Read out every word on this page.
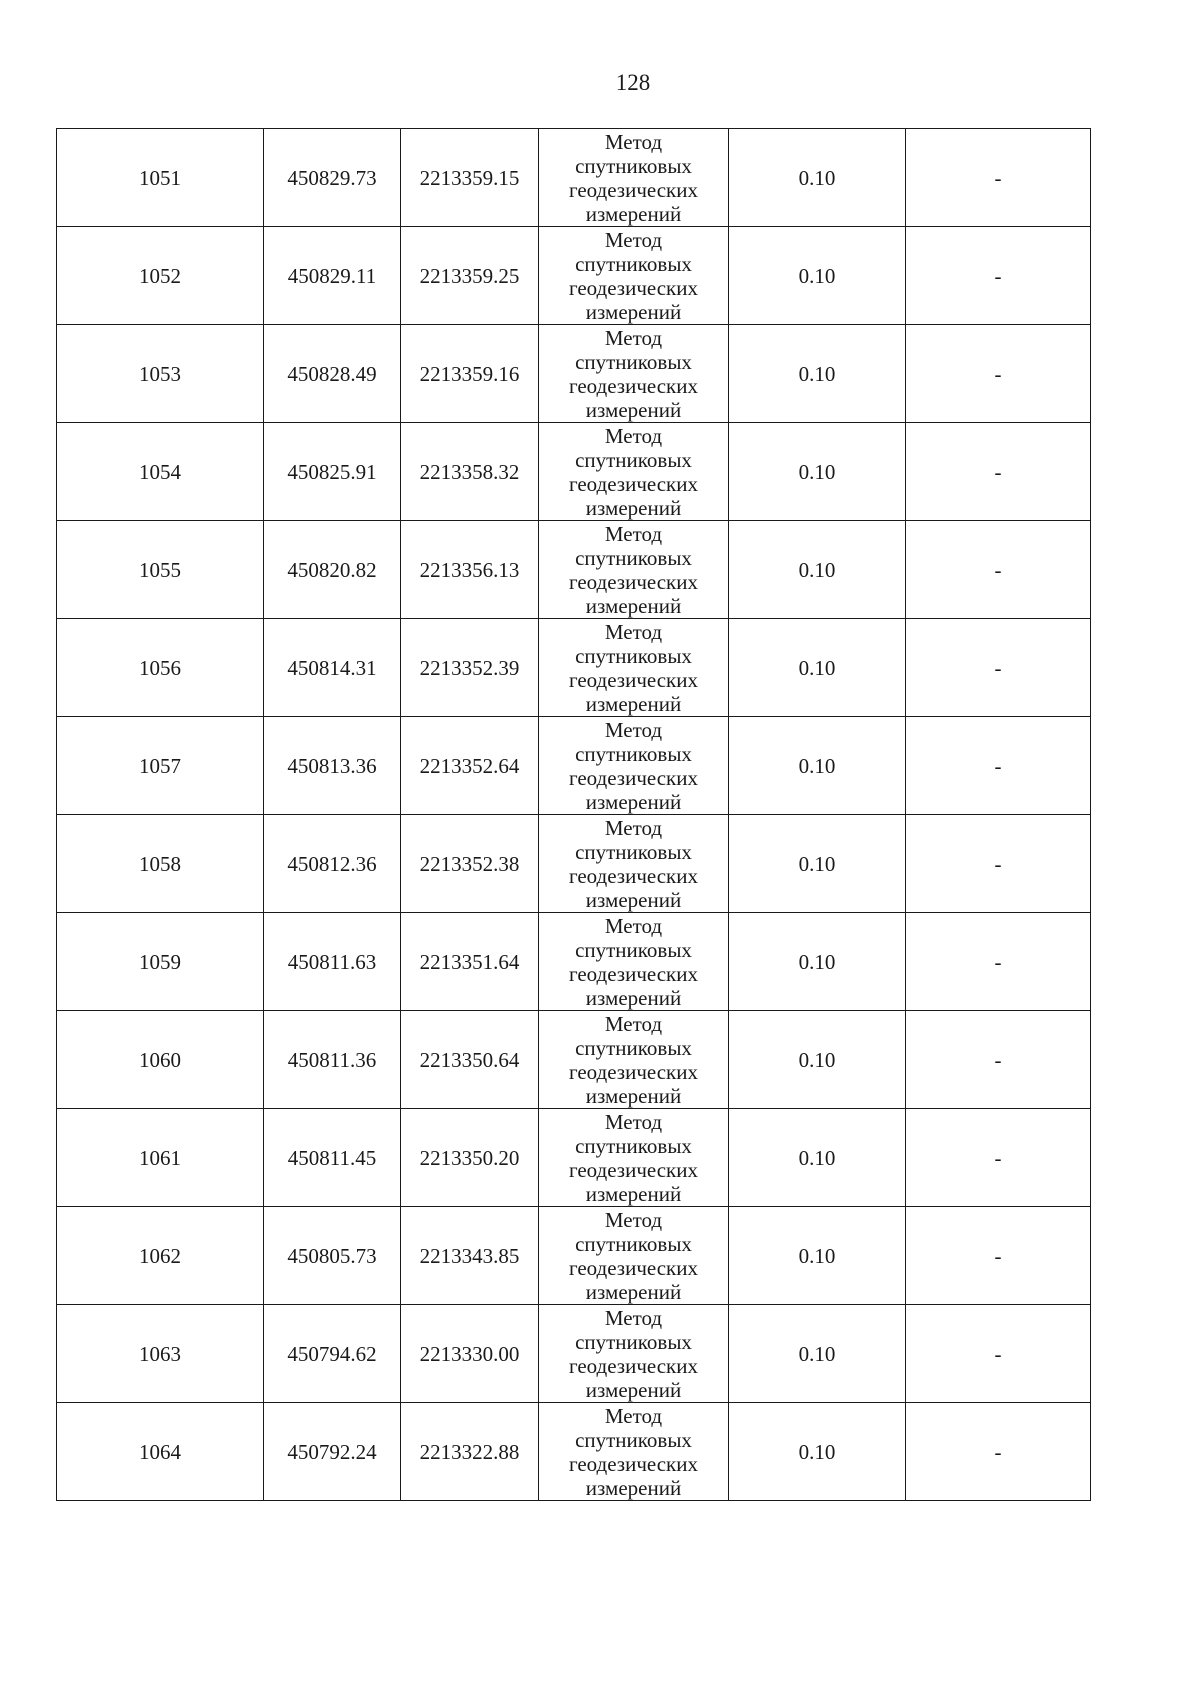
128
1051	450829.73	2213359.15	Метод
спутниковых
геодезических
измерений	0.10	-
1052	450829.11	2213359.25	Метод
спутниковых
геодезических
измерений	0.10	-
1053	450828.49	2213359.16	Метод
спутниковых
геодезических
измерений	0.10	-
1054	450825.91	2213358.32	Метод
спутниковых
геодезических
измерений	0.10	-
1055	450820.82	2213356.13	Метод
спутниковых
геодезических
измерений	0.10	-
1056	450814.31	2213352.39	Метод
спутниковых
геодезических
измерений	0.10	-
1057	450813.36	2213352.64	Метод
спутниковых
геодезических
измерений	0.10	-
1058	450812.36	2213352.38	Метод
спутниковых
геодезических
измерений	0.10	-
1059	450811.63	2213351.64	Метод
спутниковых
геодезических
измерений	0.10	-
1060	450811.36	2213350.64	Метод
спутниковых
геодезических
измерений	0.10	-
1061	450811.45	2213350.20	Метод
спутниковых
геодезических
измерений	0.10	-
1062	450805.73	2213343.85	Метод
спутниковых
геодезических
измерений	0.10	-
1063	450794.62	2213330.00	Метод
спутниковых
геодезических
измерений	0.10	-
1064	450792.24	2213322.88	Метод
спутниковых
геодезических
измерений	0.10	-
